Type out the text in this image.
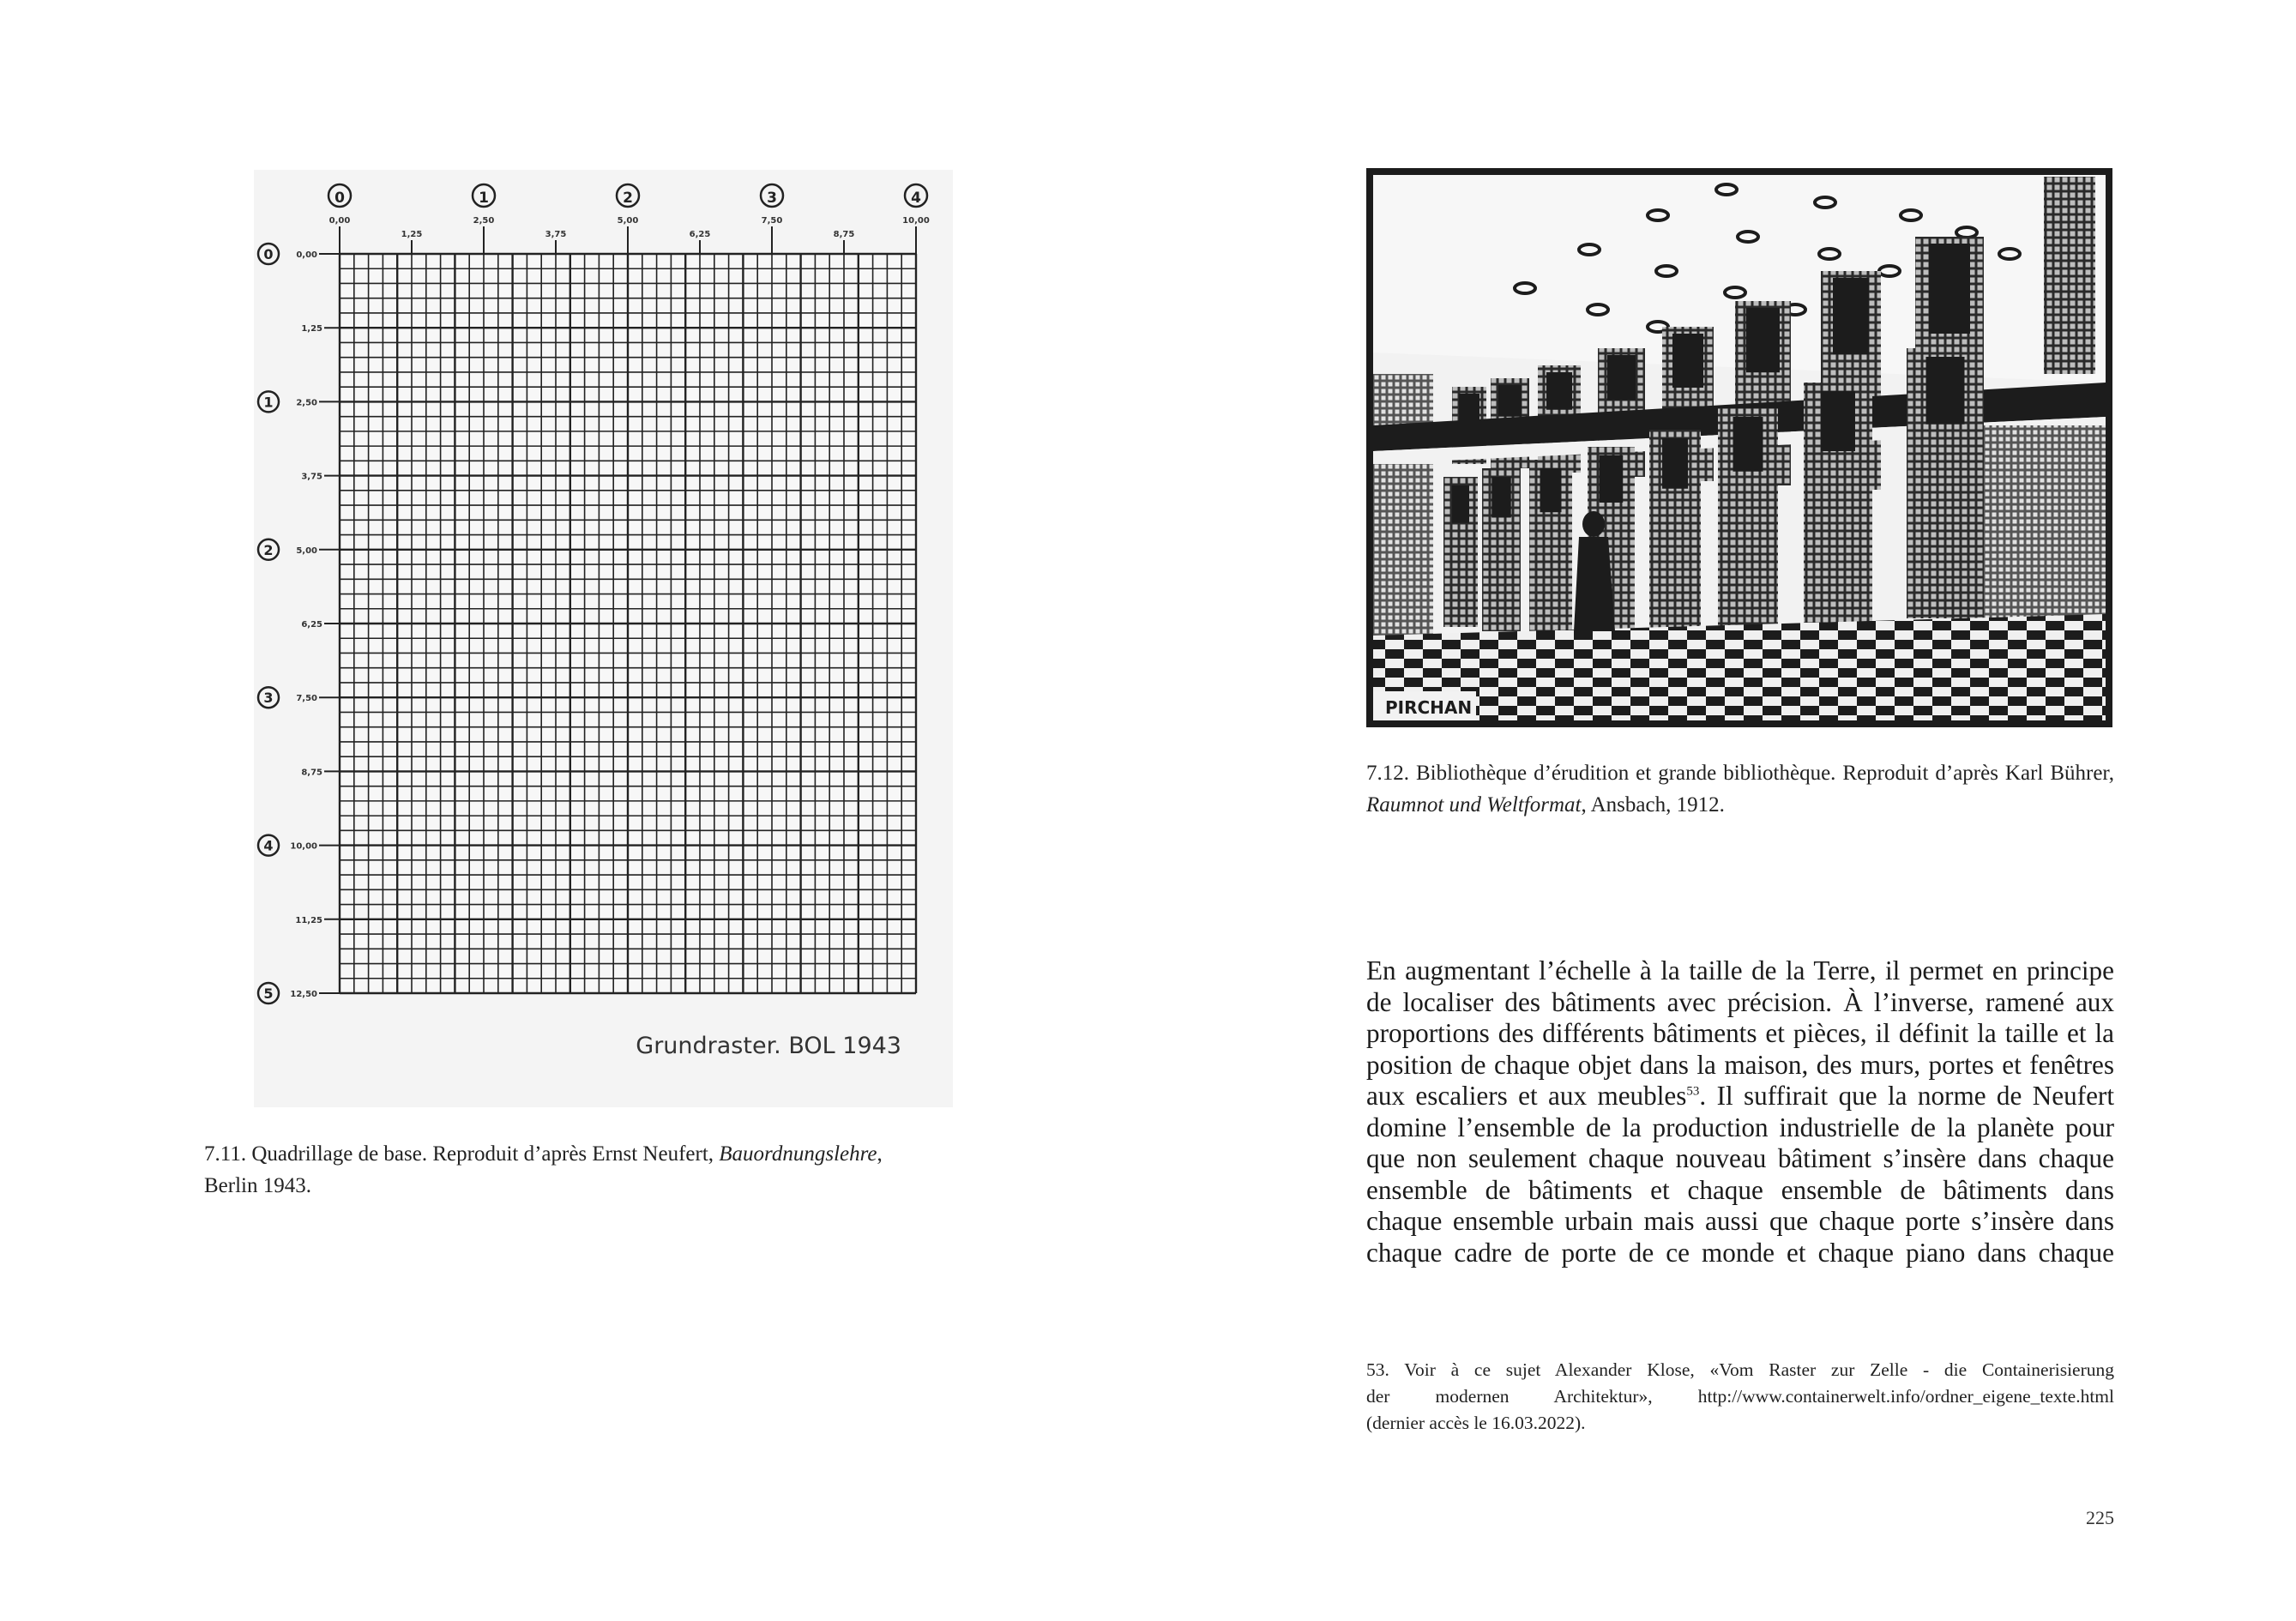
0
0,00
1
2,50
2
5,00
3
7,50
4
10,00
1,25	3,75	6,25	8,75
0,00
0
1,25
2,50
1
3,75
5,00
2
6,25
7,50
3
8,75
10,00
4
11,25
12,50
5
Grundraster. BOL 1943
7.11. Quadrillage de base. Reproduit d’après Ernst Neufert, Bauordnungslehre,
Berlin 1943.
PIRCHAN
7.12. Bibliothèque d’érudition et grande bibliothèque. Reproduit d’après Karl Bührer, Raumnot und Weltformat, Ansbach, 1912.
En augmentant l’échelle à la taille de la Terre, il permet en principe
de localiser des bâtiments avec précision. À l’inverse, ramené aux
proportions des différents bâtiments et pièces, il définit la taille et la
position de chaque objet dans la maison, des murs, portes et fenêtres
aux escaliers et aux meubles$^{53}$. Il suffirait que la norme de Neufert
domine l’ensemble de la production industrielle de la planète pour
que non seulement chaque nouveau bâtiment s’insère dans chaque
ensemble de bâtiments et chaque ensemble de bâtiments dans
chaque ensemble urbain mais aussi que chaque porte s’insère dans
chaque cadre de porte de ce monde et chaque piano dans chaque
53. Voir à ce sujet Alexander Klose, «Vom Raster zur Zelle - die Containerisierung
der modernen Architektur», http://www.containerwelt.info/ordner_eigene_texte.html
(dernier accès le 16.03.2022).
225
